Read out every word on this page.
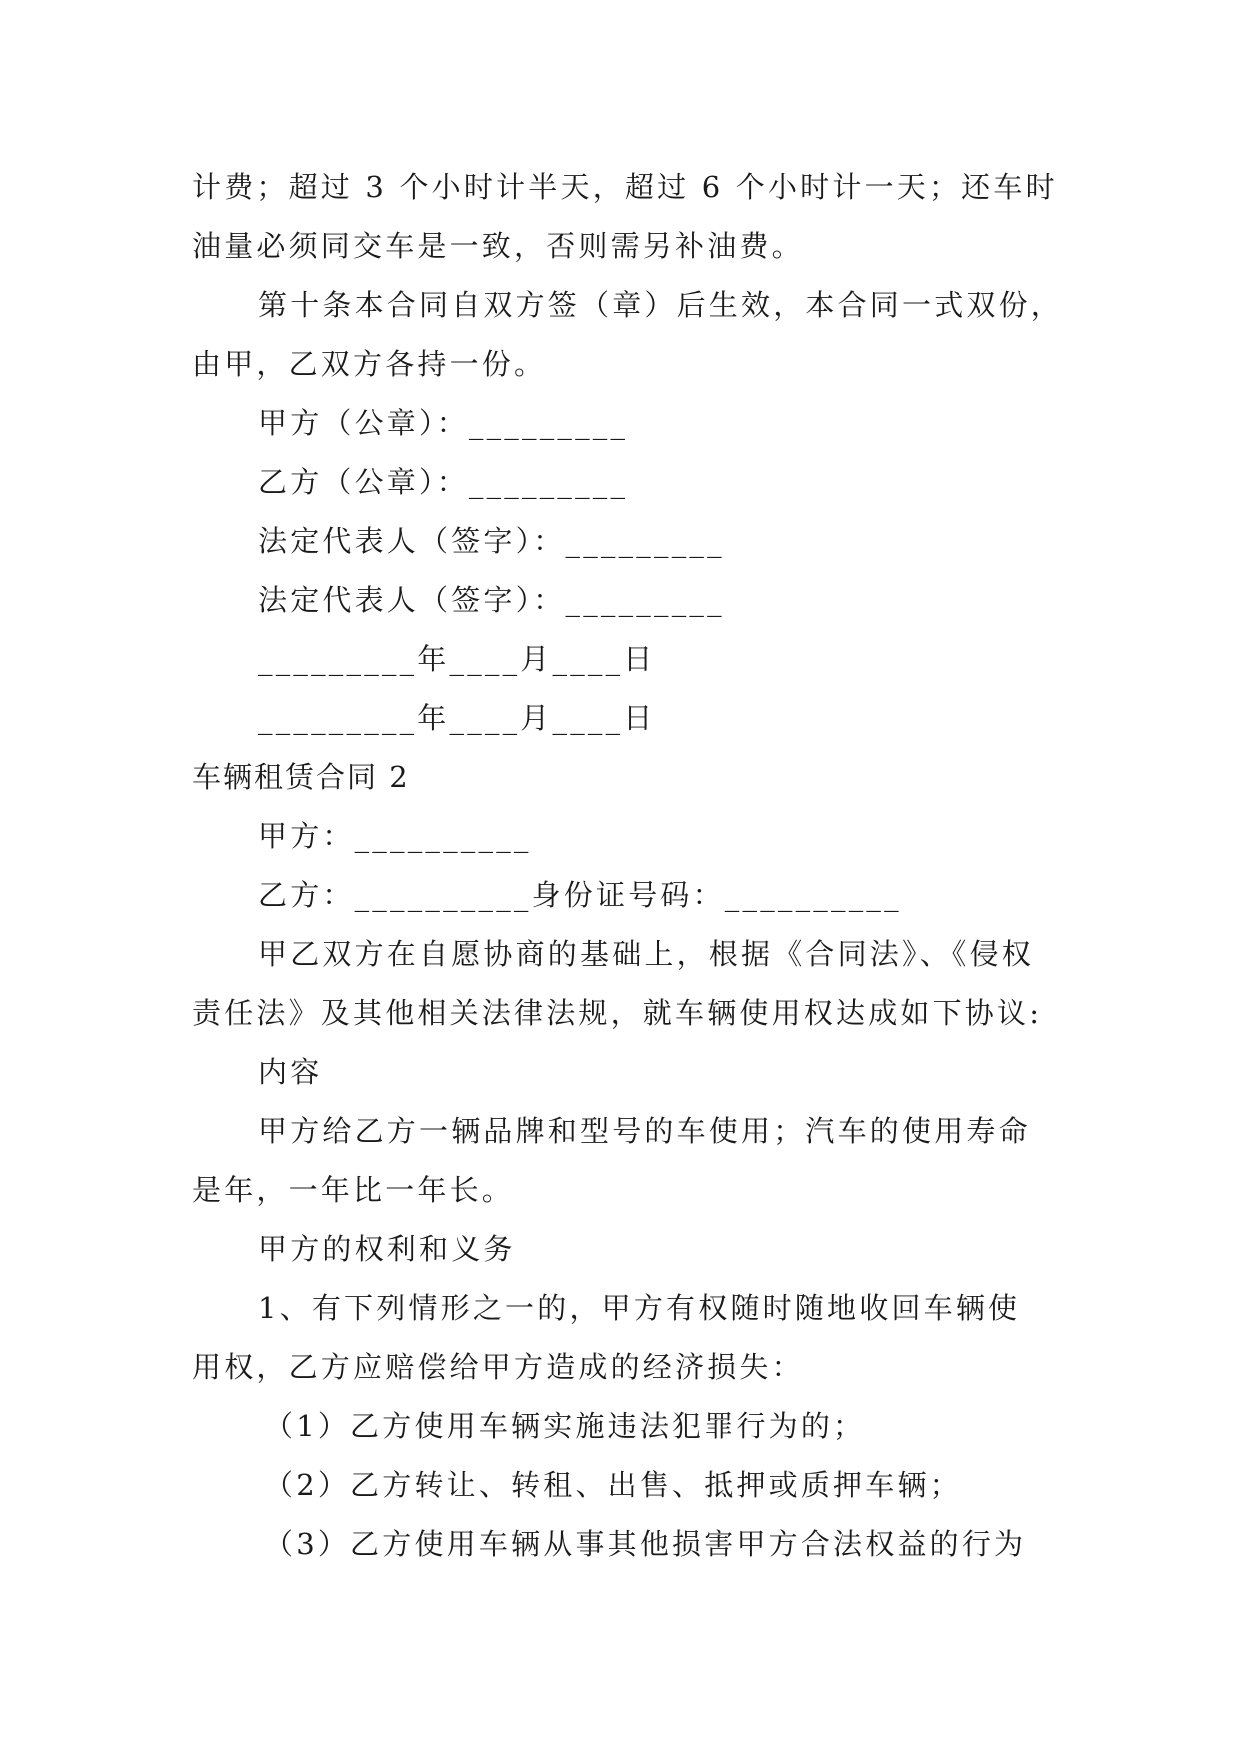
计费；超过 3 个小时计半天，超过 6 个小时计一天；还车时
油量必须同交车是一致，否则需另补油费。
第十条本合同自双方签（章）后生效，本合同一式双份，
由甲，乙双方各持一份。
甲方（公章）：_________
乙方（公章）：_________
法定代表人（签字）：_________
法定代表人（签字）：_________
_________年____月____日
_________年____月____日
车辆租赁合同 2
甲方：__________
乙方：__________身份证号码：__________
甲乙双方在自愿协商的基础上，根据《合同法》、《侵权
责任法》及其他相关法律法规，就车辆使用权达成如下协议:
内容
甲方给乙方一辆品牌和型号的车使用；汽车的使用寿命
是年，一年比一年长。
甲方的权利和义务
1、有下列情形之一的，甲方有权随时随地收回车辆使
用权，乙方应赔偿给甲方造成的经济损失：
（1）乙方使用车辆实施违法犯罪行为的；
（2）乙方转让、转租、出售、抵押或质押车辆；
（3）乙方使用车辆从事其他损害甲方合法权益的行为
